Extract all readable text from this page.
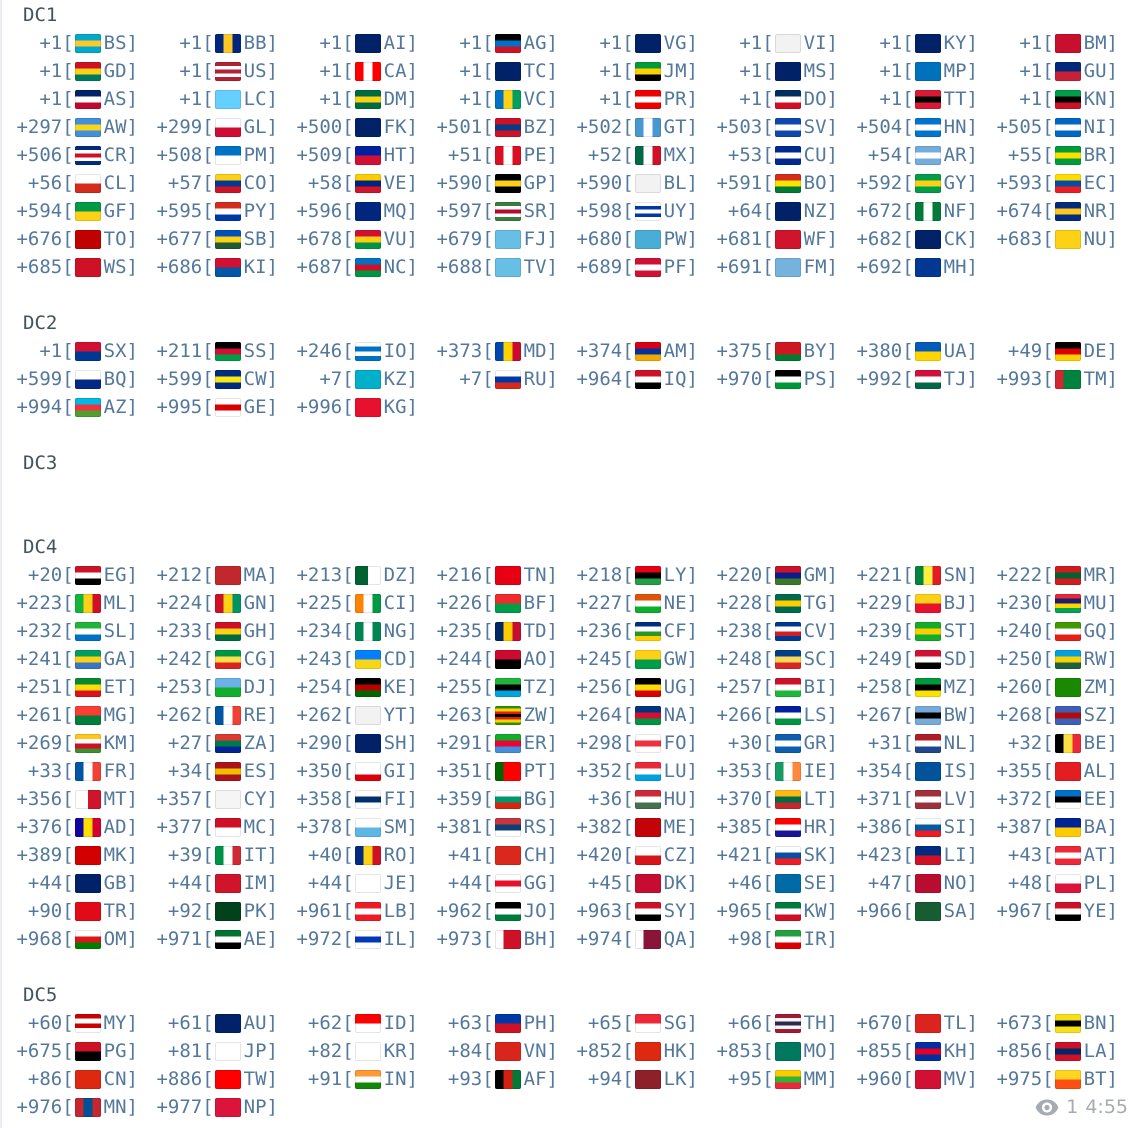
DC1
+1[ BS] +1[ BB] +1[ AI] +1[ AG] +1[ VG] +1[ VI] +1[ KY] +1[ BM]
+1[ GD] +1[ US] +1[ CA] +1[ TC] +1[ JM] +1[ MS] +1[ MP] +1[ GU]
+1[ AS] +1[ LC] +1[ DM] +1[ VC] +1[ PR] +1[ DO] +1[ TT] +1[ KN]
+297[ AW] +299[ GL] +500[ FK] +501[ BZ] +502[ GT] +503[ SV] +504[ HN] +505[ NI]
+506[ CR] +508[ PM] +509[ HT] +51[ PE] +52[ MX] +53[ CU] +54[ AR] +55[ BR]
+56[ CL] +57[ CO] +58[ VE] +590[ GP] +590[ BL] +591[ BO] +592[ GY] +593[ EC]
+594[ GF] +595[ PY] +596[ MQ] +597[ SR] +598[ UY] +64[ NZ] +672[ NF] +674[ NR]
+676[ TO] +677[ SB] +678[ VU] +679[ FJ] +680[ PW] +681[ WF] +682[ CK] +683[ NU]
+685[ WS] +686[ KI] +687[ NC] +688[ TV] +689[ PF] +691[ FM] +692[ MH]
DC2
+1[ SX] +211[ SS] +246[ IO] +373[ MD] +374[ AM] +375[ BY] +380[ UA] +49[ DE]
+599[ BQ] +599[ CW] +7[ KZ] +7[ RU] +964[ IQ] +970[ PS] +992[ TJ] +993[ TM]
+994[ AZ] +995[ GE] +996[ KG]
DC3
DC4
+20[ EG] +212[ MA] +213[ DZ] +216[ TN] +218[ LY] +220[ GM] +221[ SN] +222[ MR]
+223[ ML] +224[ GN] +225[ CI] +226[ BF] +227[ NE] +228[ TG] +229[ BJ] +230[ MU]
+232[ SL] +233[ GH] +234[ NG] +235[ TD] +236[ CF] +238[ CV] +239[ ST] +240[ GQ]
+241[ GA] +242[ CG] +243[ CD] +244[ AO] +245[ GW] +248[ SC] +249[ SD] +250[ RW]
+251[ ET] +253[ DJ] +254[ KE] +255[ TZ] +256[ UG] +257[ BI] +258[ MZ] +260[ ZM]
+261[ MG] +262[ RE] +262[ YT] +263[ ZW] +264[ NA] +266[ LS] +267[ BW] +268[ SZ]
+269[ KM] +27[ ZA] +290[ SH] +291[ ER] +298[ FO] +30[ GR] +31[ NL] +32[ BE]
+33[ FR] +34[ ES] +350[ GI] +351[ PT] +352[ LU] +353[ IE] +354[ IS] +355[ AL]
+356[ MT] +357[ CY] +358[ FI] +359[ BG] +36[ HU] +370[ LT] +371[ LV] +372[ EE]
+376[ AD] +377[ MC] +378[ SM] +381[ RS] +382[ ME] +385[ HR] +386[ SI] +387[ BA]
+389[ MK] +39[ IT] +40[ RO] +41[ CH] +420[ CZ] +421[ SK] +423[ LI] +43[ AT]
+44[ GB] +44[ IM] +44[ JE] +44[ GG] +45[ DK] +46[ SE] +47[ NO] +48[ PL]
+90[ TR] +92[ PK] +961[ LB] +962[ JO] +963[ SY] +965[ KW] +966[ SA] +967[ YE]
+968[ OM] +971[ AE] +972[ IL] +973[ BH] +974[ QA] +98[ IR]
DC5
+60[ MY] +61[ AU] +62[ ID] +63[ PH] +65[ SG] +66[ TH] +670[ TL] +673[ BN]
+675[ PG] +81[ JP] +82[ KR] +84[ VN] +852[ HK] +853[ MO] +855[ KH] +856[ LA]
+86[ CN] +886[ TW] +91[ IN] +93[ AF] +94[ LK] +95[ MM] +960[ MV] +975[ BT]
+976[ MN] +977[ NP]	1 4:55
